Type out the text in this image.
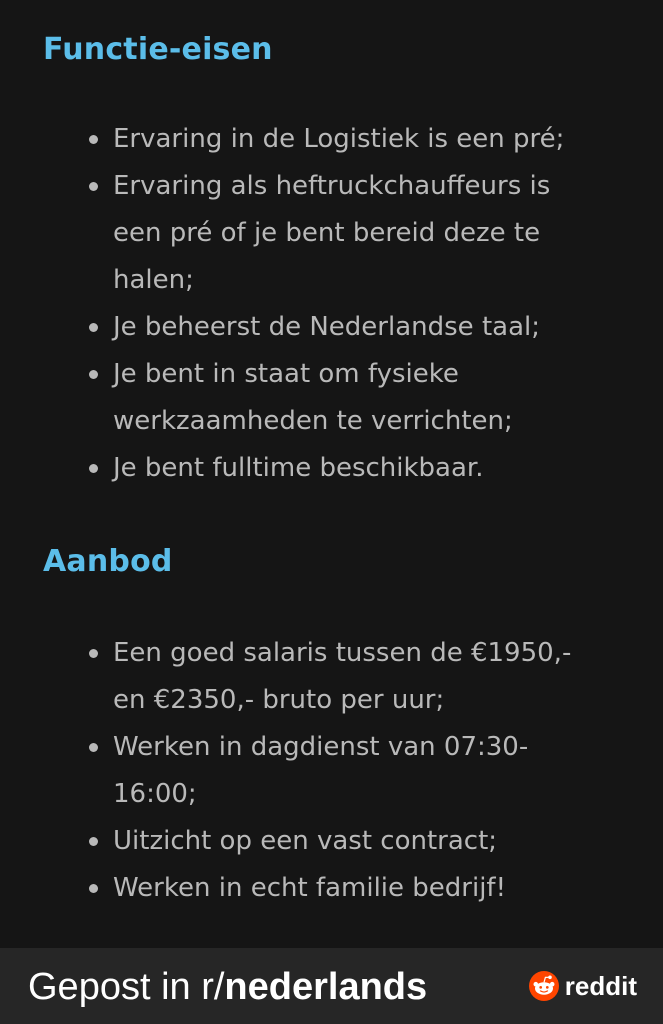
Functie-eisen
Ervaring in de Logistiek is een pré;
Ervaring als heftruckchauffeurs is een pré of je bent bereid deze te halen;
Je beheerst de Nederlandse taal;
Je bent in staat om fysieke werkzaamheden te verrichten;
Je bent fulltime beschikbaar.
Aanbod
Een goed salaris tussen de €1950,- en €2350,- bruto per uur;
Werken in dagdienst van 07:30-16:00;
Uitzicht op een vast contract;
Werken in echt familie bedrijf!
Gepost in r/nederlands	reddit
